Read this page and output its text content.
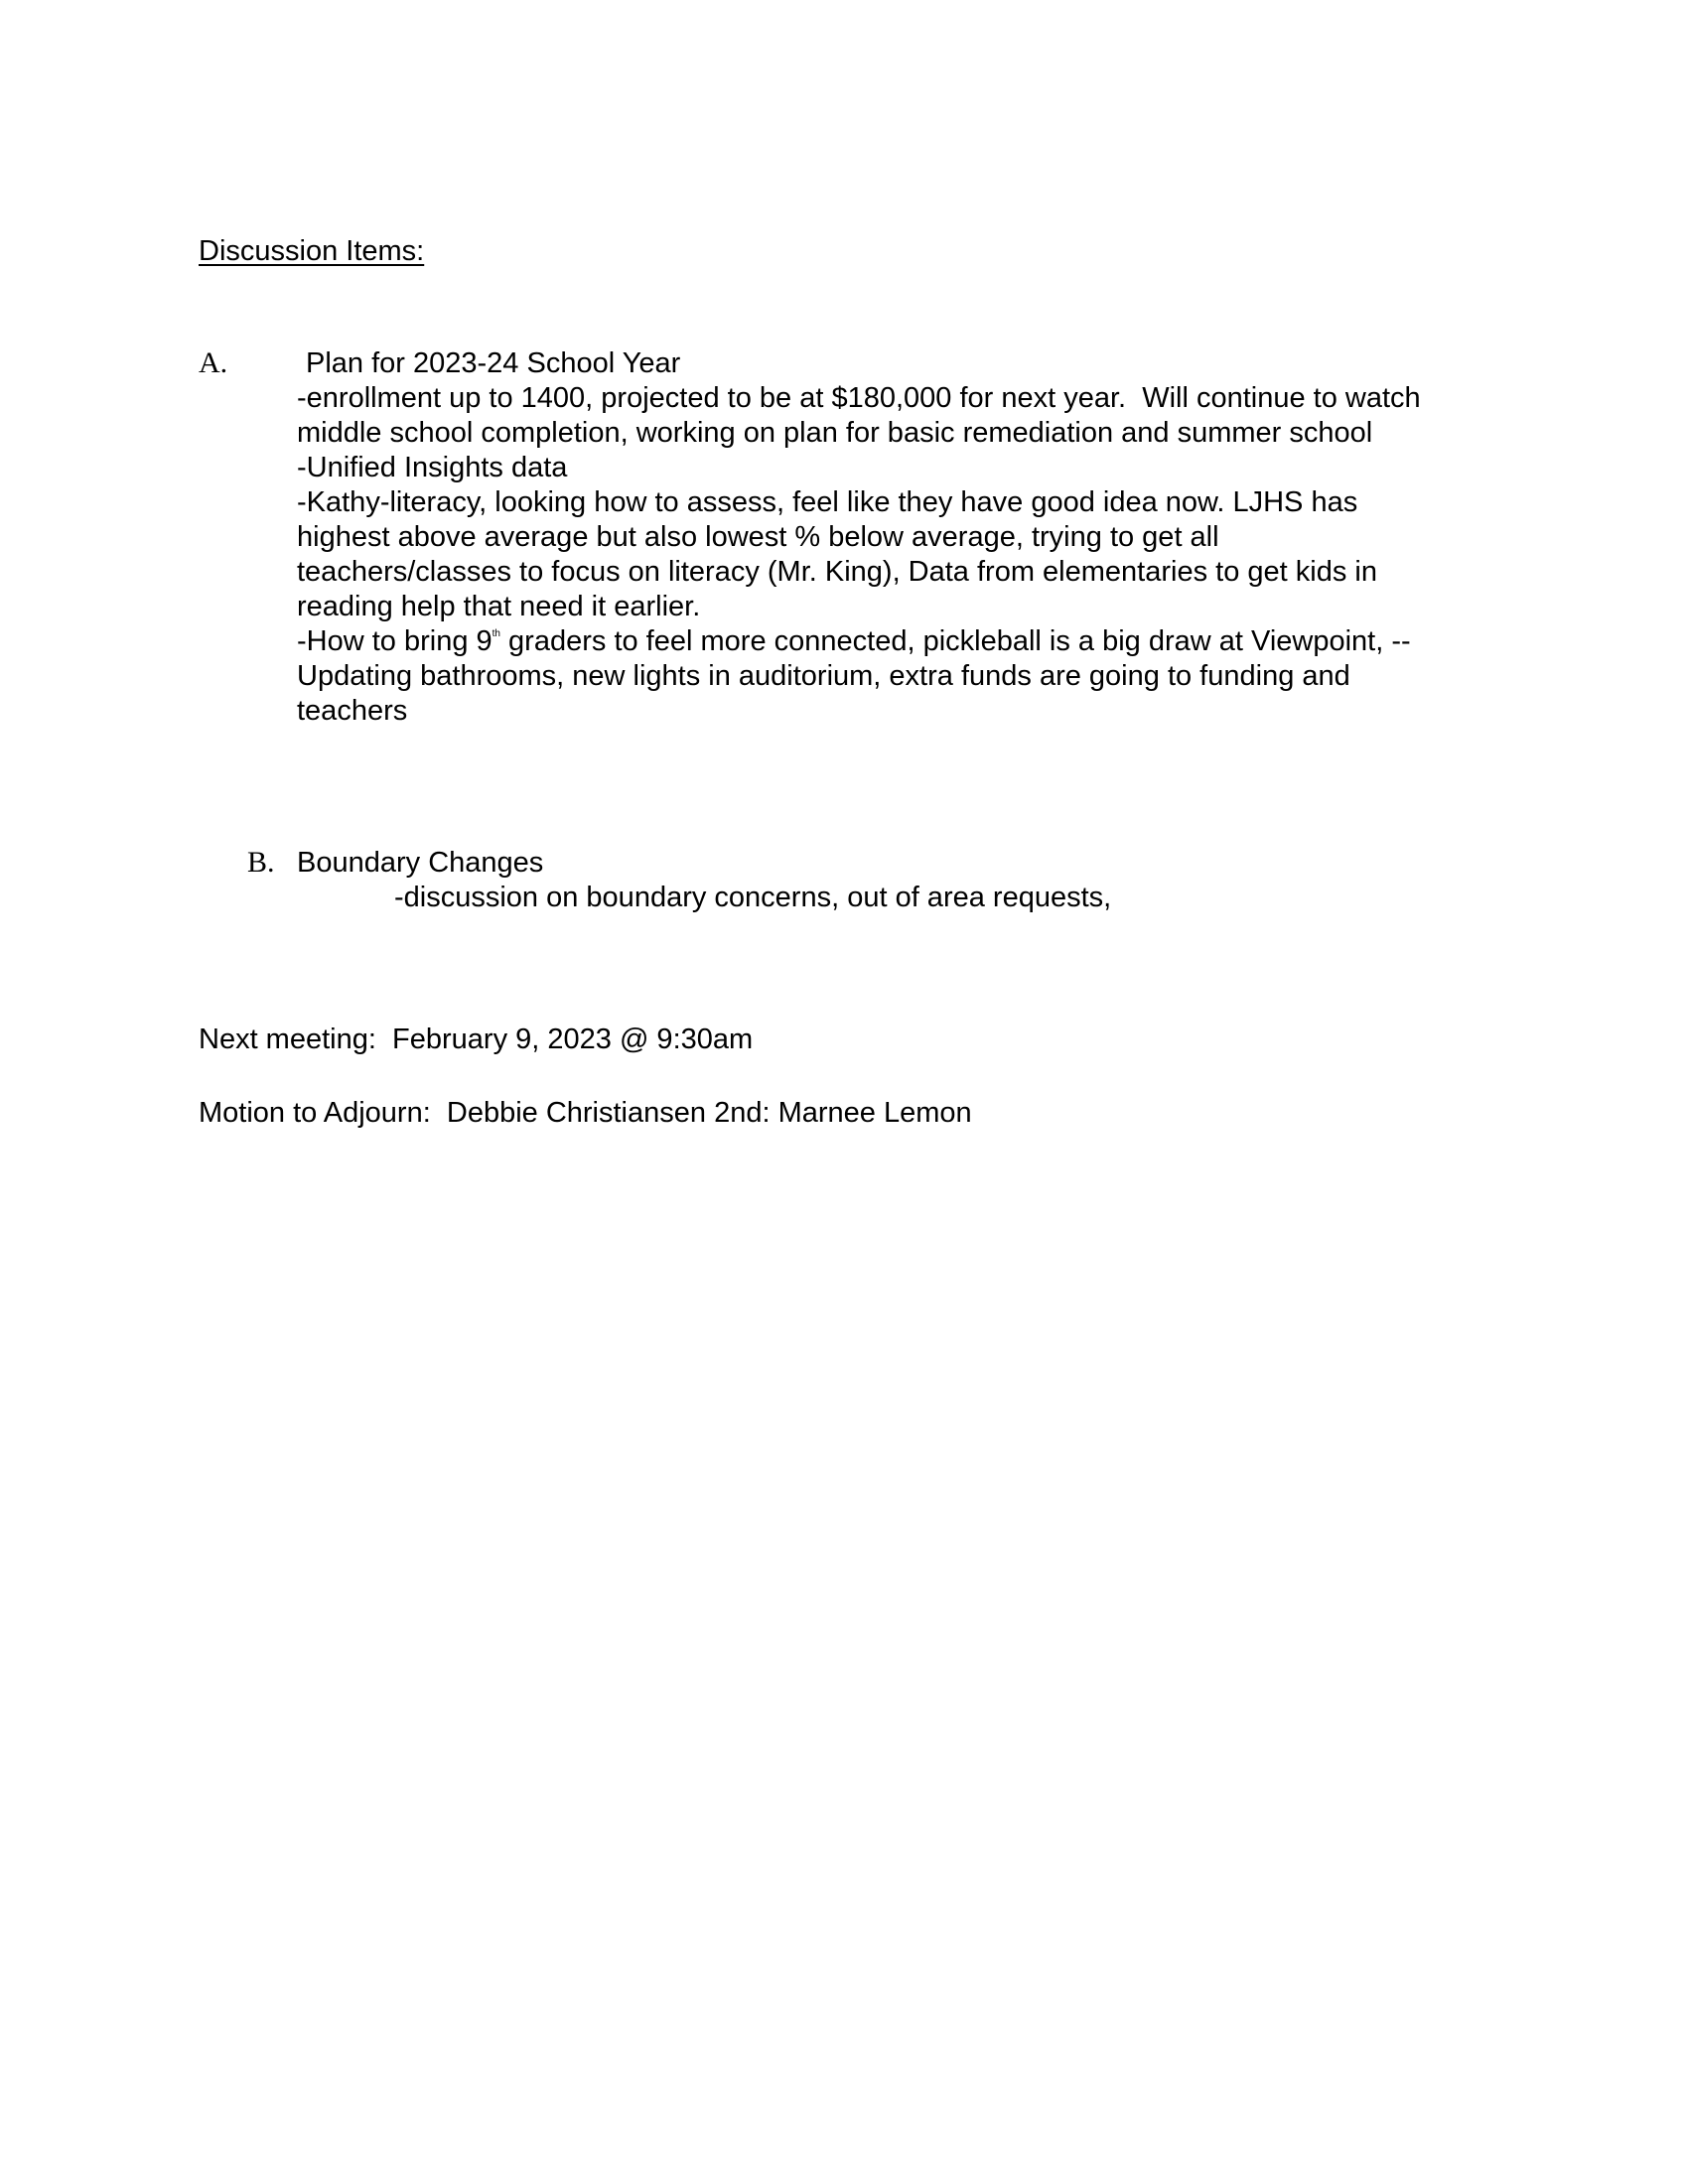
Discussion Items:
A.	Plan for 2023-24 School Year
-enrollment up to 1400, projected to be at $180,000 for next year.  Will continue to watch
middle school completion, working on plan for basic remediation and summer school
-Unified Insights data
-Kathy-literacy, looking how to assess, feel like they have good idea now. LJHS has
highest above average but also lowest % below average, trying to get all
teachers/classes to focus on literacy (Mr. King), Data from elementaries to get kids in
reading help that need it earlier.
-How to bring 9th graders to feel more connected, pickleball is a big draw at Viewpoint, --
Updating bathrooms, new lights in auditorium, extra funds are going to funding and
teachers
B. Boundary Changes
-discussion on boundary concerns, out of area requests,
Next meeting:  February 9, 2023 @ 9:30am
Motion to Adjourn:  Debbie Christiansen 2nd: Marnee Lemon
